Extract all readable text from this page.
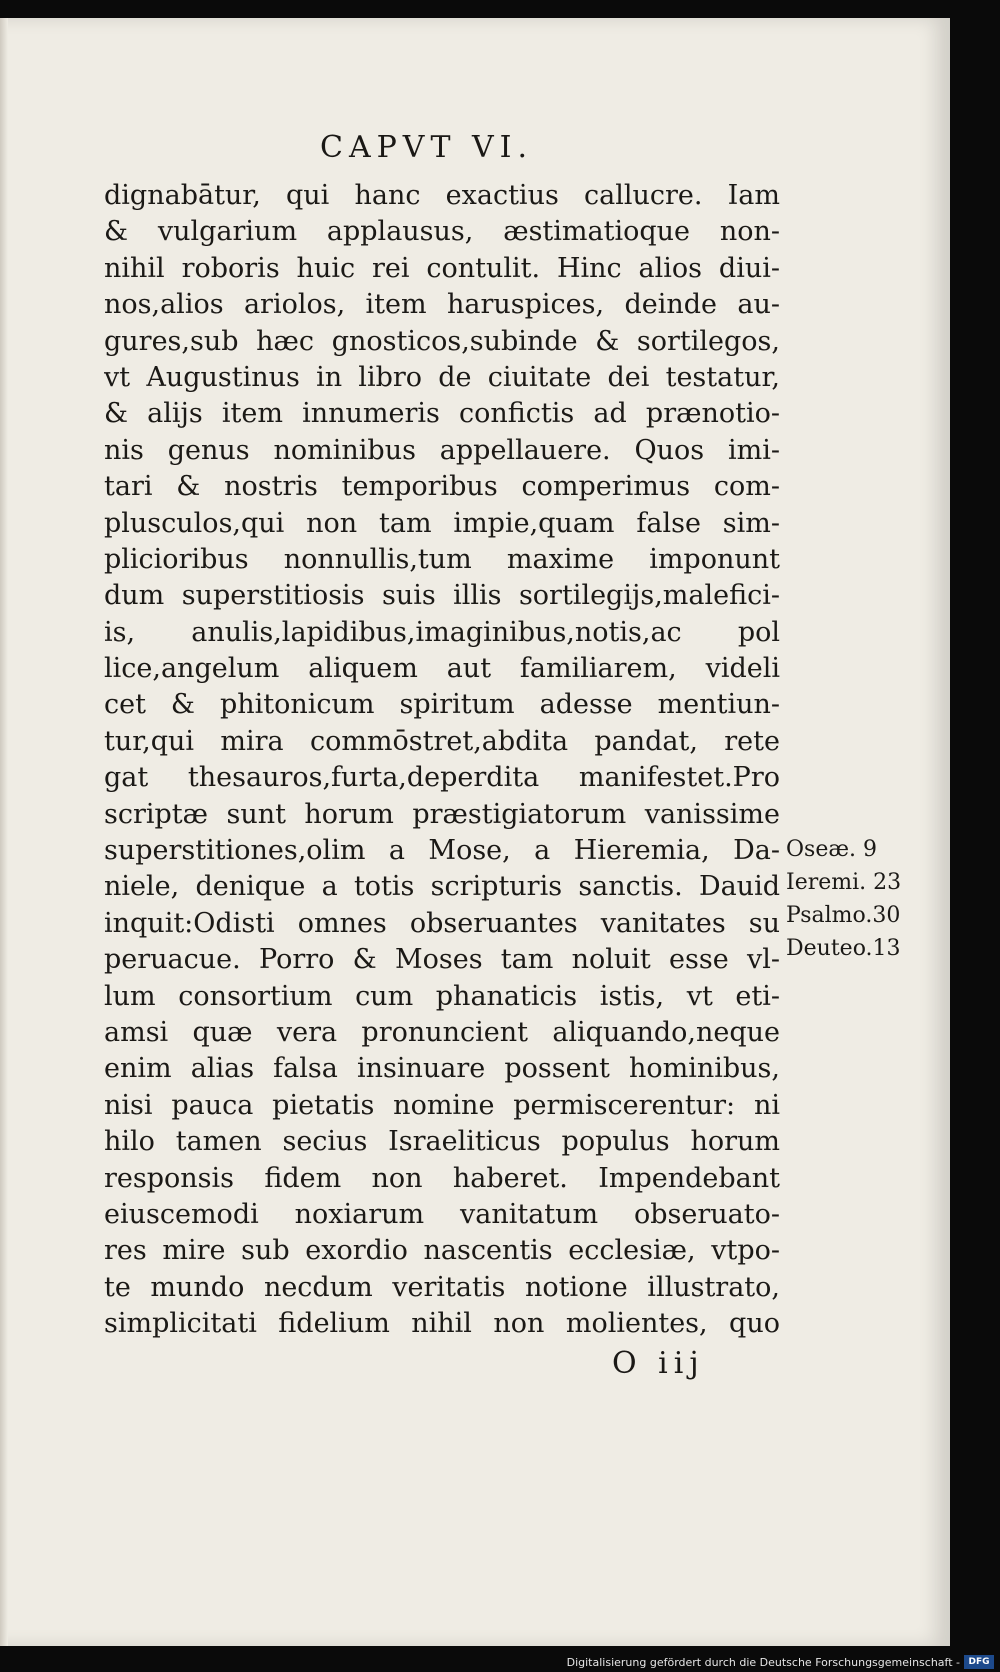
CAPVT VI.
dignabātur, qui hanc exactius callucre. Iam
& vulgarium applausus, æstimatioque non-
nihil roboris huic rei contulit. Hinc alios diui-
nos,alios ariolos, item haruspices, deinde au-
gures,sub hæc gnosticos,subinde & sortilegos,
vt Augustinus in libro de ciuitate dei testatur,
& alijs item innumeris confictis ad prænotio-
nis genus nominibus appellauere. Quos imi-
tari & nostris temporibus comperimus com-
plusculos,qui non tam impie,quam false sim-
plicioribus nonnullis,tum maxime imponunt
dum superstitiosis suis illis sortilegijs,malefici-
is, anulis,lapidibus,imaginibus,notis,ac pol
lice,angelum aliquem aut familiarem, videli
cet & phitonicum spiritum adesse mentiun-
tur,qui mira commōstret,abdita pandat, rete
gat thesauros,furta,deperdita manifestet.Pro
scriptæ sunt horum præstigiatorum vanissime
superstitiones,olim a Mose, a Hieremia, Da-
niele, denique a totis scripturis sanctis. Dauid
inquit:Odisti omnes obseruantes vanitates su
peruacue. Porro & Moses tam noluit esse vl-
lum consortium cum phanaticis istis, vt eti-
amsi quæ vera pronuncient aliquando,neque
enim alias falsa insinuare possent hominibus,
nisi pauca pietatis nomine permiscerentur: ni
hilo tamen secius Israeliticus populus horum
responsis fidem non haberet. Impendebant
eiuscemodi noxiarum vanitatum obseruato-
res mire sub exordio nascentis ecclesiæ, vtpo-
te mundo necdum veritatis notione illustrato,
simplicitati fidelium nihil non molientes, quo
Oseæ. 9
Ieremi. 23
Psalmo.30
Deuteo.13
O iij
Digitalisierung gefördert durch die Deutsche Forschungsgemeinschaft - DFG
